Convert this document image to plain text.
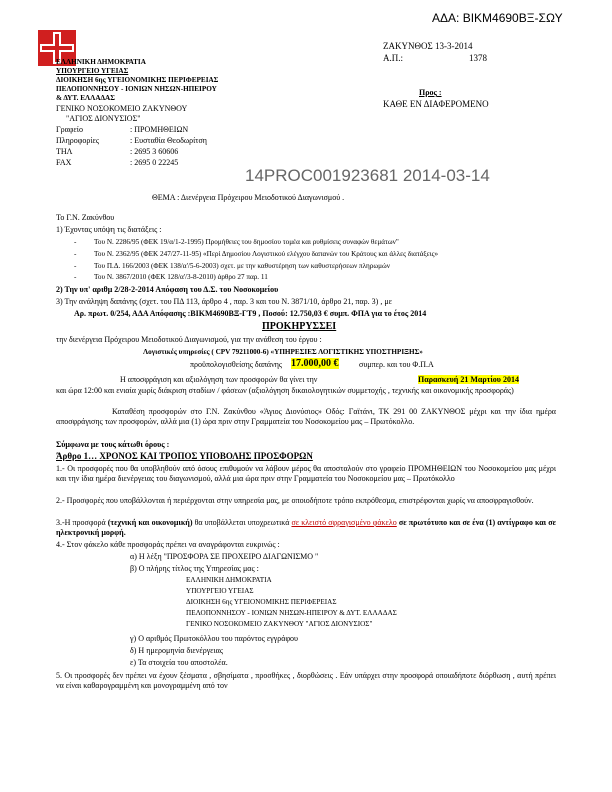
ΑΔΑ: ΒΙΚΜ4690ΒΞ-ΣΩΥ
ΕΛΛΗΝΙΚΗ ΔΗΜΟΚΡΑΤΙΑ
ΥΠΟΥΡΓΕΙΟ ΥΓΕΙΑΣ
ΔΙΟΙΚΗΣΗ 6ης ΥΓΕΙΟΝΟΜΙΚΗΣ ΠΕΡΙΦΕΡΕΙΑΣ
ΠΕΛΟΠΟΝΝΗΣΟΥ - ΙΟΝΙΩΝ ΝΗΣΩΝ-ΗΠΕΙΡΟΥ
& ΔΥΤ. ΕΛΛΑΔΑΣ
ΓΕΝΙΚΟ ΝΟΣΟΚΟΜΕΙΟ ΖΑΚΥΝΘΟΥ
"ΑΓΙΟΣ ΔΙΟΝΥΣΙΟΣ"
Γραφείο	: ΠΡΟΜΗΘΕΙΩΝ
Πληροφορίες	: Ευσταθία Θεοδωρίτση
ΤΗΛ	: 2695 3 60606
FAX	: 2695 0 22245
ΖΑΚΥΝΘΟΣ 13-3-2014
Α.Π.:	1378
Προς :
ΚΑΘΕ ΕΝ ΔΙΑΦΕΡΟΜΕΝΟ
14PROC001923681 2014-03-14
ΘΕΜΑ : Διενέργεια Πρόχειρου Μειοδοτικού Διαγωνισμού .
Το Γ.Ν. Ζακύνθου
1) Έχοντας υπόψη τις διατάξεις :
- Του Ν. 2286/95 (ΦΕΚ 19/α/1-2-1995) Προμήθειες του δημοσίου τομέα και ρυθμίσεις συναφών θεμάτων"
- Του Ν. 2362/95 (ΦΕΚ 247/27-11-95) «Περί Δημοσίου Λογιστικού ελέγχου δαπανών του Κράτους και άλλες διατάξεις»
- Του Π.Δ. 166/2003 (ΦΕΚ 138/α'/5-6-2003) σχετ. με την καθυστέρηση των καθυστερήσεων πληρωμών
- Του Ν. 3867/2010 (ΦΕΚ 128/α'/3-8-2010) άρθρο 27 παρ. 11
2) Την υπ' αριθμ 2/28-2-2014 Απόφαση του Δ.Σ. του Νοσοκομείου
3) Την ανάληψη δαπάνης (σχετ. του ΠΔ 113, άρθρο 4 , παρ. 3 και του Ν. 3871/10, άρθρο 21, παρ. 3) , με
Αρ. πρωτ. 0/254, ΑΔΑ Απόφασης :ΒΙΚΜ4690ΒΞ-ΓΤ9 , Ποσού: 12.750,03 € συμπ. ΦΠΑ για το έτος 2014
ΠΡΟΚΗΡΥΣΣΕΙ
την διενέργεια Πρόχειρου Μειοδοτικού Διαγωνισμού, για την ανάθεση του έργου :
Λογιστικές υπηρεσίες ( CPV 79211000-6) «ΥΠΗΡΕΣΙΕΣ ΛΟΓΙΣΤΙΚΗΣ ΥΠΟΣΤΗΡΙΞΗΣ»
προϋπολογισθείσης δαπάνης 17.000,00 €	συμπερ. και του Φ.Π.Α
Η αποσφράγιση και αξιολόγηση των προσφορών θα γίνει την	Παρασκευή 21 Μαρτίου 2014
και ώρα 12:00 και ενιαία χωρίς διάκριση σταδίων / φάσεων (αξιολόγηση δικαιολογητικών συμμετοχής , τεχνικής και οικονομικής προσφοράς)
Καταθέση προσφορών στο Γ.Ν. Ζακύνθου «Άγιος Διονύσιος» Οδός: Γαϊτάνι, ΤΚ 291 00 ΖΑΚΥΝΘΟΣ μέχρι και την ίδια ημέρα αποσφράγισης των προσφορών, αλλά μια (1) ώρα πριν στην Γραμματεία του Νοσοκομείου μας – Πρωτόκολλο.
Σύμφωνα με τους κάτωθι όρους :
Άρθρο 1… ΧΡΟΝΟΣ ΚΑΙ ΤΡΟΠΟΣ ΥΠΟΒΟΛΗΣ ΠΡΟΣΦΟΡΩΝ
1.- Οι προσφορές που θα υποβληθούν από όσους επιθυμούν να λάβουν μέρος θα αποσταλούν στο γραφείο ΠΡΟΜΗΘΕΙΩΝ του Νοσοκομείου μας μέχρι και την ίδια ημέρα διενέργειας του διαγωνισμού, αλλά μια ώρα πριν στην Γραμματεία του Νοσοκομείου μας – Πρωτόκολλο
2.- Προσφορές που υποβάλλονται ή περιέρχονται στην υπηρεσία μας, με οποιοδήποτε τρόπο εκπρόθεσμα, επιστρέφονται χωρίς να αποσφραγισθούν.
3.-Η προσφορά (τεχνική και οικονομική) θα υποβάλλεται υποχρεωτικά σε κλειστό σφραγισμένο φάκελο σε πρωτότυπο και σε ένα (1) αντίγραφο και σε ηλεκτρονική μορφή.
4.- Στον φάκελο κάθε προσφοράς πρέπει να αναγράφονται ευκρινώς :
α) Η λέξη "ΠΡΟΣΦΟΡΑ ΣΕ ΠΡΟΧΕΙΡΟ ΔΙΑΓΩΝΙΣΜΟ "
β) Ο πλήρης τίτλος της Υπηρεσίας μας :
ΕΛΛΗΝΙΚΗ ΔΗΜΟΚΡΑΤΙΑ
ΥΠΟΥΡΓΕΙΟ ΥΓΕΙΑΣ
ΔΙΟΙΚΗΣΗ 6ης ΥΓΕΙΟΝΟΜΙΚΗΣ ΠΕΡΙΦΕΡΕΙΑΣ
ΠΕΛΟΠΟΝΝΗΣΟΥ - ΙΟΝΙΩΝ ΝΗΣΩΝ-ΗΠΕΙΡΟΥ & ΔΥΤ. ΕΛΛΑΔΑΣ
ΓΕΝΙΚΟ ΝΟΣΟΚΟΜΕΙΟ ΖΑΚΥΝΘΟΥ "ΑΓΙΟΣ ΔΙΟΝΥΣΙΟΣ"
γ) Ο αριθμός Πρωτοκόλλου του παρόντος εγγράφου
δ) Η ημερομηνία διενέργειας
ε) Τα στοιχεία του αποστολέα.
5. Οι προσφορές δεν πρέπει να έχουν ξέσματα , σβησίματα , προσθήκες , διορθώσεις . Εάν υπάρχει στην προσφορά οποιαδήποτε διόρθωση , αυτή πρέπει να είναι καθαρογραμμένη και μονογραμμένη από τον
